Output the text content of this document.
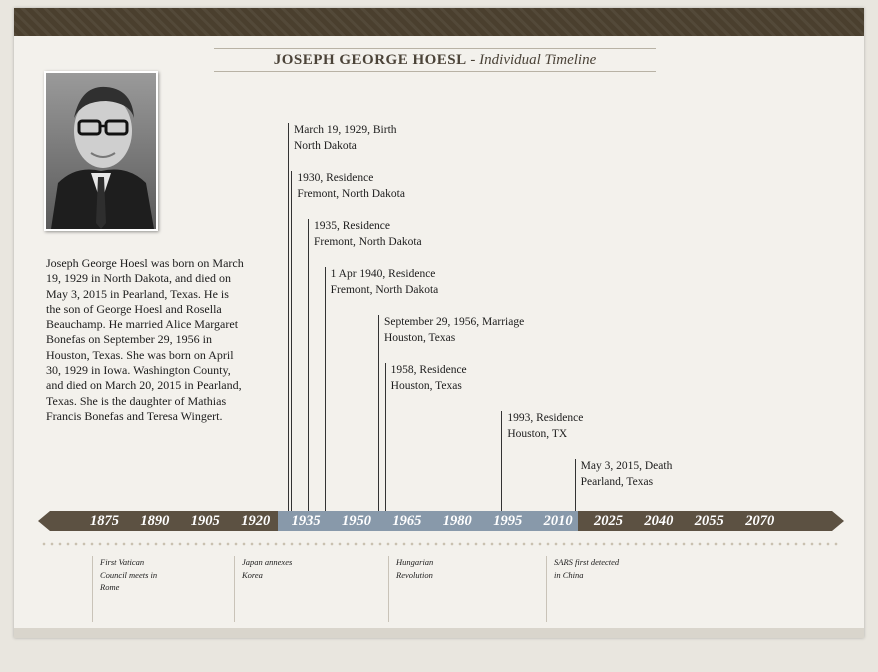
JOSEPH GEORGE HOESL - Individual Timeline
Joseph George Hoesl was born on March 19, 1929 in North Dakota, and died on May 3, 2015 in Pearland, Texas. He is the son of George Hoesl and Rosella Beauchamp. He married Alice Margaret Bonefas on September 29, 1956 in Houston, Texas. She was born on April 30, 1929 in Iowa. Washington County, and died on March 20, 2015 in Pearland, Texas. She is the daughter of Mathias Francis Bonefas and Teresa Wingert.
March 19, 1929, Birth
North Dakota
1930, Residence
Fremont, North Dakota
1935, Residence
Fremont, North Dakota
1 Apr 1940, Residence
Fremont, North Dakota
September 29, 1956, Marriage
Houston, Texas
1958, Residence
Houston, Texas
1993, Residence
Houston, TX
May 3, 2015, Death
Pearland, Texas
1875 1890 1905 1920 1935 1950 1965 1980 1995 2010 2025 2040 2055 2070
First Vatican
Council meets in
Rome
Japan annexes
Korea
Hungarian
Revolution
SARS first detected
in China
